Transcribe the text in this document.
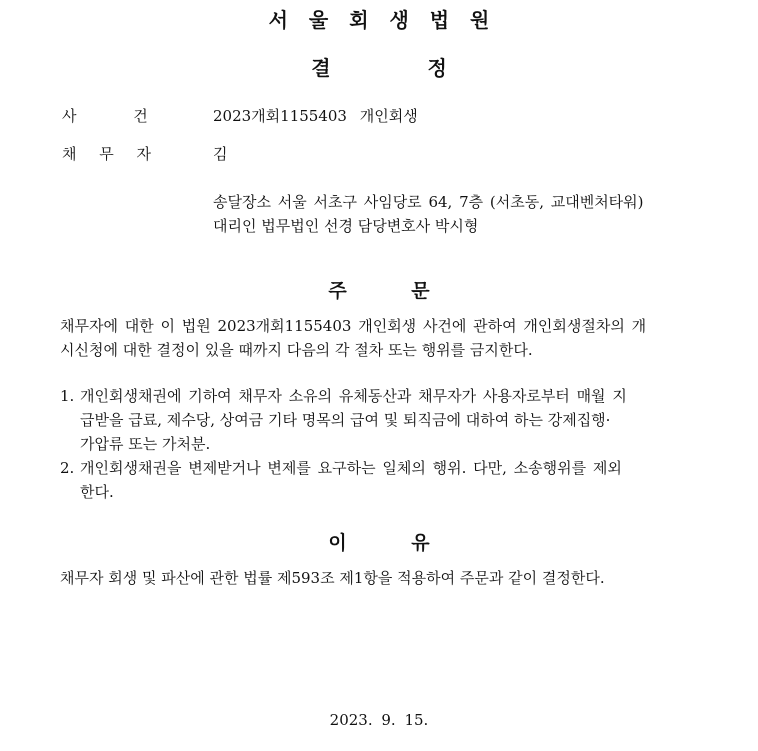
서 울 회 생 법 원
결 정
사 건	2023개회1155403 개인회생
채 무 자	김
송달장소 서울 서초구 사임당로 64, 7층 (서초동, 교대벤처타워)
대리인 법무법인 선경 담당변호사 박시형
주 문
채무자에 대한 이 법원 2023개회1155403 개인회생 사건에 관하여 개인회생절차의 개
시신청에 대한 결정이 있을 때까지 다음의 각 절차 또는 행위를 금지한다.
1. 개인회생채권에 기하여 채무자 소유의 유체동산과 채무자가 사용자로부터 매월 지
급받을 급료, 제수당, 상여금 기타 명목의 급여 및 퇴직금에 대하여 하는 강제집행·
가압류 또는 가처분.
2. 개인회생채권을 변제받거나 변제를 요구하는 일체의 행위. 다만, 소송행위를 제외
한다.
이 유
채무자 회생 및 파산에 관한 법률 제593조 제1항을 적용하여 주문과 같이 결정한다.
2023. 9. 15.
